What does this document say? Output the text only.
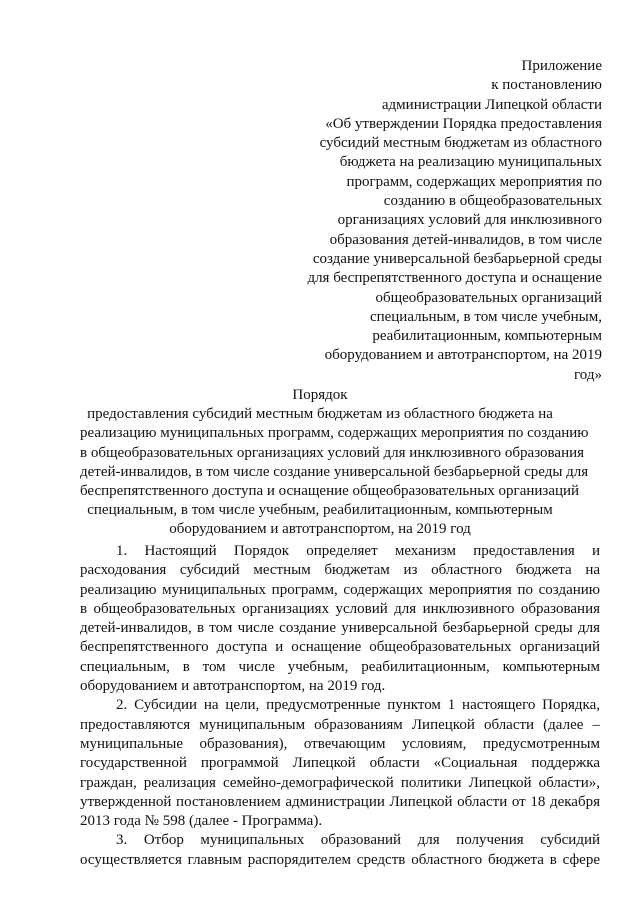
Приложение
к постановлению
администрации Липецкой области
«Об утверждении Порядка предоставления
субсидий местным бюджетам из областного
бюджета на реализацию муниципальных
программ, содержащих мероприятия по
созданию в общеобразовательных
организациях условий для инклюзивного
образования детей-инвалидов, в том числе
создание универсальной безбарьерной среды
для беспрепятственного доступа и оснащение
общеобразовательных организаций
специальным, в том числе учебным,
реабилитационным, компьютерным
оборудованием и автотранспортом, на 2019
год»
Порядок
предоставления субсидий местным бюджетам из областного бюджета на
реализацию муниципальных программ, содержащих мероприятия по созданию
в общеобразовательных организациях условий для инклюзивного образования
детей-инвалидов, в том числе создание универсальной безбарьерной среды для
беспрепятственного доступа и оснащение общеобразовательных организаций
специальным, в том числе учебным, реабилитационным, компьютерным
оборудованием и автотранспортом, на 2019 год
1. Настоящий Порядок определяет механизм предоставления и
расходования субсидий местным бюджетам из областного бюджета на
реализацию муниципальных программ, содержащих мероприятия по созданию
в общеобразовательных организациях условий для инклюзивного образования
детей-инвалидов, в том числе создание универсальной безбарьерной среды для
беспрепятственного доступа и оснащение общеобразовательных организаций
специальным, в том числе учебным, реабилитационным, компьютерным
оборудованием и автотранспортом, на 2019 год.
2. Субсидии на цели, предусмотренные пунктом 1 настоящего Порядка,
предоставляются муниципальным образованиям Липецкой области (далее –
муниципальные образования), отвечающим условиям, предусмотренным
государственной программой Липецкой области «Социальная поддержка
граждан, реализация семейно-демографической политики Липецкой области»,
утвержденной постановлением администрации Липецкой области от 18 декабря
2013 года № 598 (далее - Программа).
3. Отбор муниципальных образований для получения субсидий
осуществляется главным распорядителем средств областного бюджета в сфере
